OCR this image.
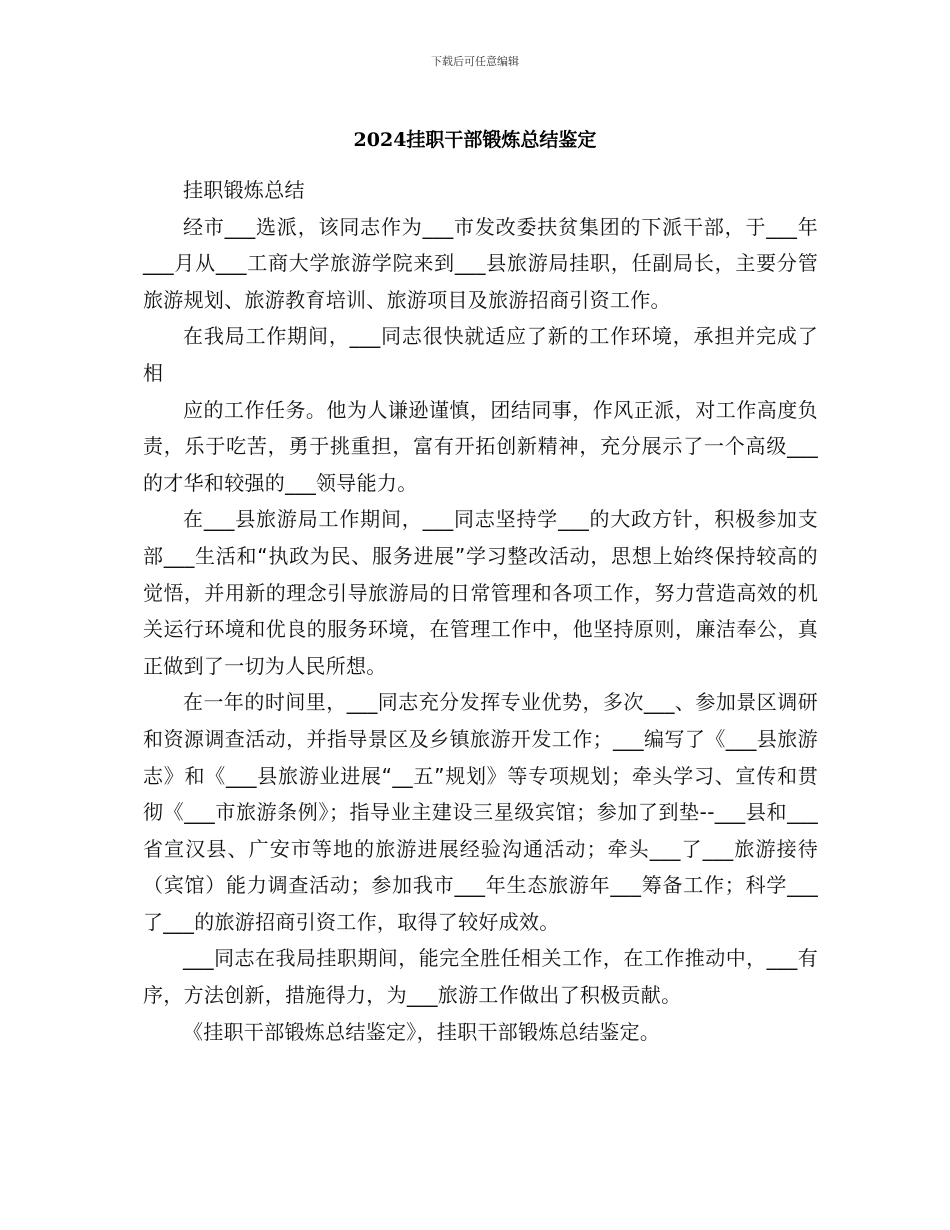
下载后可任意编辑
2024挂职干部锻炼总结鉴定

挂职锻炼总结

经市___选派，该同志作为___市发改委扶贫集团的下派干部，于___年___月从___工商大学旅游学院来到___县旅游局挂职，任副局长，主要分管旅游规划、旅游教育培训、旅游项目及旅游招商引资工作。

在我局工作期间，___同志很快就适应了新的工作环境，承担并完成了相

应的工作任务。他为人谦逊谨慎，团结同事，作风正派，对工作高度负责，乐于吃苦，勇于挑重担，富有开拓创新精神，充分展示了一个高级___的才华和较强的___领导能力。

在___县旅游局工作期间，___同志坚持学___的大政方针，积极参加支部___生活和“执政为民、服务进展”学习整改活动，思想上始终保持较高的觉悟，并用新的理念引导旅游局的日常管理和各项工作，努力营造高效的机关运行环境和优良的服务环境，在管理工作中，他坚持原则，廉洁奉公，真正做到了一切为人民所想。

在一年的时间里，___同志充分发挥专业优势，多次___、参加景区调研和资源调查活动，并指导景区及乡镇旅游开发工作；___编写了《___县旅游志》和《___县旅游业进展“__五”规划》等专项规划；牵头学习、宣传和贯彻《___市旅游条例》；指导业主建设三星级宾馆；参加了到垫--___县和___省宣汉县、广安市等地的旅游进展经验沟通活动；牵头___了___旅游接待（宾馆）能力调查活动；参加我市___年生态旅游年___筹备工作；科学___了___的旅游招商引资工作，取得了较好成效。

___同志在我局挂职期间，能完全胜任相关工作，在工作推动中，___有序，方法创新，措施得力，为___旅游工作做出了积极贡献。

《挂职干部锻炼总结鉴定》，挂职干部锻炼总结鉴定。
